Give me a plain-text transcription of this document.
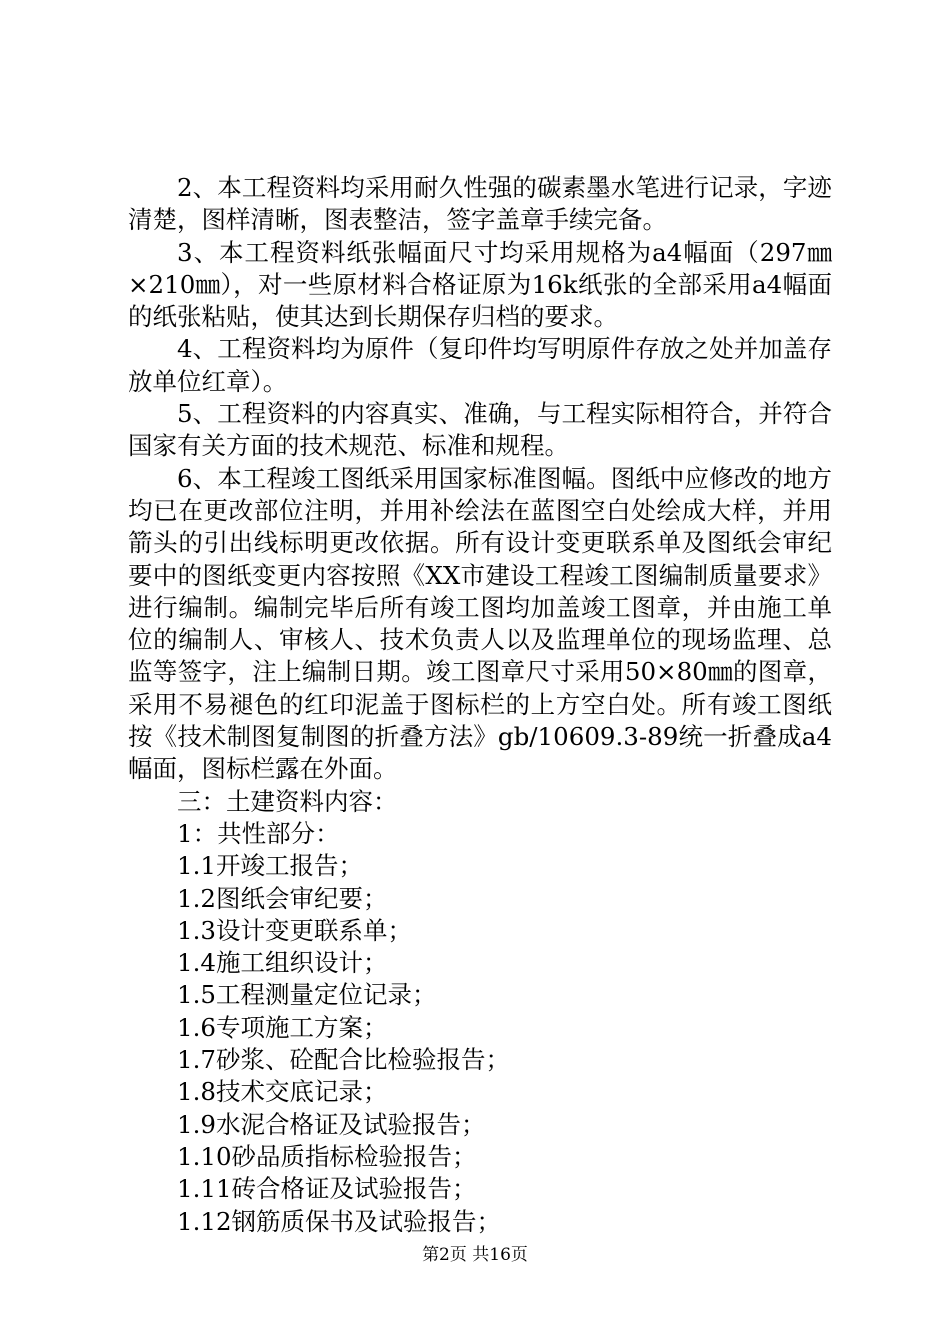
2、本工程资料均采用耐久性强的碳素墨水笔进行记录，字迹清楚，图样清晰，图表整洁，签字盖章手续完备。

3、本工程资料纸张幅面尺寸均采用规格为a4幅面（297㎜×210㎜），对一些原材料合格证原为16k纸张的全部采用a4幅面的纸张粘贴，使其达到长期保存归档的要求。

4、工程资料均为原件（复印件均写明原件存放之处并加盖存放单位红章）。

5、工程资料的内容真实、准确，与工程实际相符合，并符合国家有关方面的技术规范、标准和规程。

6、本工程竣工图纸采用国家标准图幅。图纸中应修改的地方均已在更改部位注明，并用补绘法在蓝图空白处绘成大样，并用箭头的引出线标明更改依据。所有设计变更联系单及图纸会审纪要中的图纸变更内容按照《XX市建设工程竣工图编制质量要求》进行编制。编制完毕后所有竣工图均加盖竣工图章，并由施工单位的编制人、审核人、技术负责人以及监理单位的现场监理、总监等签字，注上编制日期。竣工图章尺寸采用50×80㎜的图章，采用不易褪色的红印泥盖于图标栏的上方空白处。所有竣工图纸按《技术制图复制图的折叠方法》gb/10609.3-89统一折叠成a4幅面，图标栏露在外面。

三：土建资料内容：

1：共性部分：

1.1开竣工报告；

1.2图纸会审纪要；

1.3设计变更联系单；

1.4施工组织设计；

1.5工程测量定位记录；

1.6专项施工方案；

1.7砂浆、砼配合比检验报告；

1.8技术交底记录；

1.9水泥合格证及试验报告；

1.10砂品质指标检验报告；

1.11砖合格证及试验报告；

1.12钢筋质保书及试验报告；

第2页 共16页
